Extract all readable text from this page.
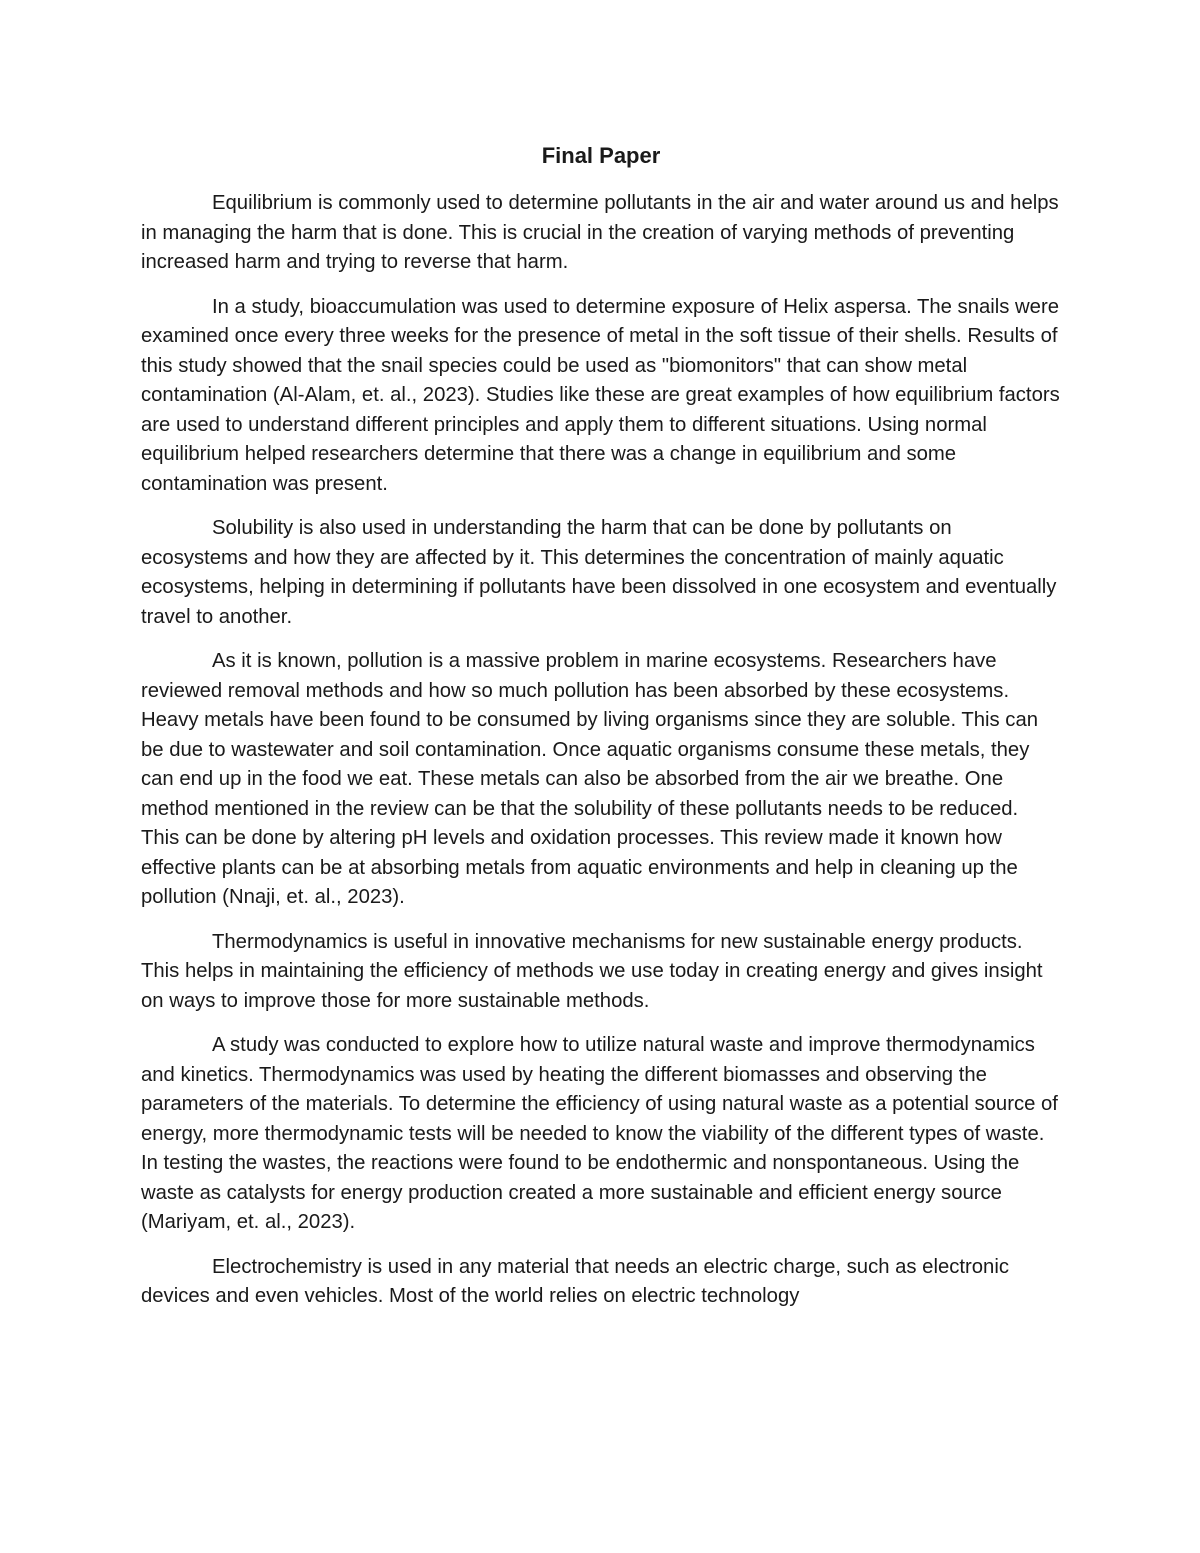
Final Paper

Equilibrium is commonly used to determine pollutants in the air and water around us and helps in managing the harm that is done. This is crucial in the creation of varying methods of preventing increased harm and trying to reverse that harm.

In a study, bioaccumulation was used to determine exposure of Helix aspersa. The snails were examined once every three weeks for the presence of metal in the soft tissue of their shells. Results of this study showed that the snail species could be used as "biomonitors" that can show metal contamination (Al-Alam, et. al., 2023). Studies like these are great examples of how equilibrium factors are used to understand different principles and apply them to different situations. Using normal equilibrium helped researchers determine that there was a change in equilibrium and some contamination was present.

Solubility is also used in understanding the harm that can be done by pollutants on ecosystems and how they are affected by it. This determines the concentration of mainly aquatic ecosystems, helping in determining if pollutants have been dissolved in one ecosystem and eventually travel to another.

As it is known, pollution is a massive problem in marine ecosystems. Researchers have reviewed removal methods and how so much pollution has been absorbed by these ecosystems. Heavy metals have been found to be consumed by living organisms since they are soluble. This can be due to wastewater and soil contamination. Once aquatic organisms consume these metals, they can end up in the food we eat. These metals can also be absorbed from the air we breathe. One method mentioned in the review can be that the solubility of these pollutants needs to be reduced. This can be done by altering pH levels and oxidation processes. This review made it known how effective plants can be at absorbing metals from aquatic environments and help in cleaning up the pollution (Nnaji, et. al., 2023).

Thermodynamics is useful in innovative mechanisms for new sustainable energy products. This helps in maintaining the efficiency of methods we use today in creating energy and gives insight on ways to improve those for more sustainable methods.

A study was conducted to explore how to utilize natural waste and improve thermodynamics and kinetics. Thermodynamics was used by heating the different biomasses and observing the parameters of the materials. To determine the efficiency of using natural waste as a potential source of energy, more thermodynamic tests will be needed to know the viability of the different types of waste. In testing the wastes, the reactions were found to be endothermic and nonspontaneous. Using the waste as catalysts for energy production created a more sustainable and efficient energy source (Mariyam, et. al., 2023).

Electrochemistry is used in any material that needs an electric charge, such as electronic devices and even vehicles. Most of the world relies on electric technology
